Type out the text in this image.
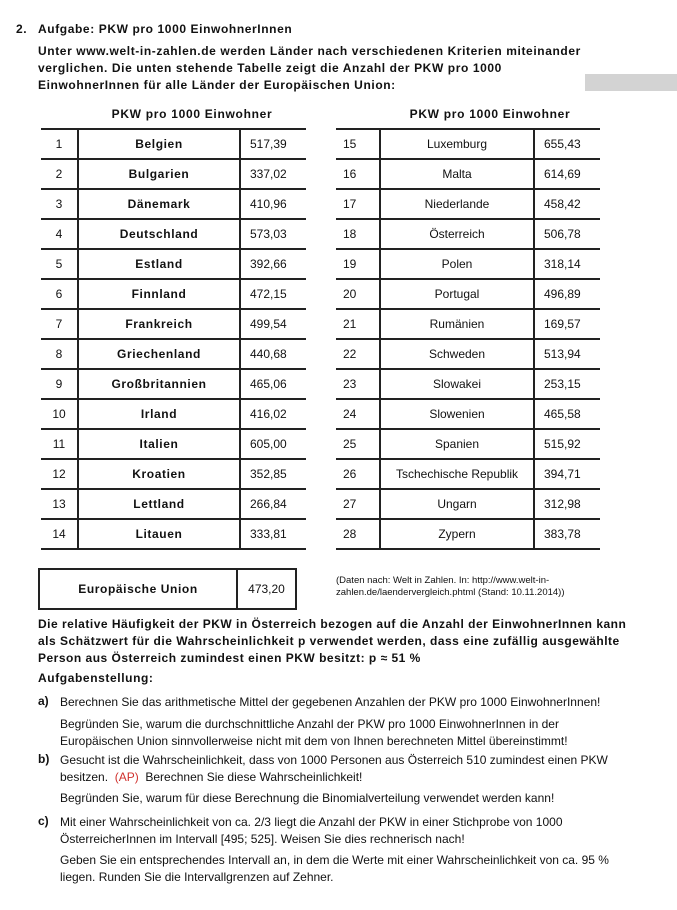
2. Aufgabe: PKW pro 1000 EinwohnerInnen
Unter www.welt-in-zahlen.de werden Länder nach verschiedenen Kriterien miteinander
verglichen. Die unten stehende Tabelle zeigt die Anzahl der PKW pro 1000
EinwohnerInnen für alle Länder der Europäischen Union:
	PKW pro 1000 Einwohner	
1	Belgien	517,39
2	Bulgarien	337,02
3	Dänemark	410,96
4	Deutschland	573,03
5	Estland	392,66
6	Finnland	472,15
7	Frankreich	499,54
8	Griechenland	440,68
9	Großbritannien	465,06
10	Irland	416,02
11	Italien	605,00
12	Kroatien	352,85
13	Lettland	266,84
14	Litauen	333,81
	PKW pro 1000 Einwohner	
15	Luxemburg	655,43
16	Malta	614,69
17	Niederlande	458,42
18	Österreich	506,78
19	Polen	318,14
20	Portugal	496,89
21	Rumänien	169,57
22	Schweden	513,94
23	Slowakei	253,15
24	Slowenien	465,58
25	Spanien	515,92
26	Tschechische Republik	394,71
27	Ungarn	312,98
28	Zypern	383,78
Europäische Union	473,20
(Daten nach: Welt in Zahlen. In: http://www.welt-in-
zahlen.de/laendervergleich.phtml (Stand: 10.11.2014))
Die relative Häufigkeit der PKW in Österreich bezogen auf die Anzahl der EinwohnerInnen kann
als Schätzwert für die Wahrscheinlichkeit p verwendet werden, dass eine zufällig ausgewählte
Person aus Österreich zumindest einen PKW besitzt: p ≈ 51 %
Aufgabenstellung:
a) Berechnen Sie das arithmetische Mittel der gegebenen Anzahlen der PKW pro 1000 EinwohnerInnen!
Begründen Sie, warum die durchschnittliche Anzahl der PKW pro 1000 EinwohnerInnen in der
Europäischen Union sinnvollerweise nicht mit dem von Ihnen berechneten Mittel übereinstimmt!
b) Gesucht ist die Wahrscheinlichkeit, dass von 1000 Personen aus Österreich 510 zumindest einen PKW
besitzen. (AP) Berechnen Sie diese Wahrscheinlichkeit!
Begründen Sie, warum für diese Berechnung die Binomialverteilung verwendet werden kann!
c) Mit einer Wahrscheinlichkeit von ca. 2/3 liegt die Anzahl der PKW in einer Stichprobe von 1000
ÖsterreicherInnen im Intervall [495; 525]. Weisen Sie dies rechnerisch nach!
Geben Sie ein entsprechendes Intervall an, in dem die Werte mit einer Wahrscheinlichkeit von ca. 95 %
liegen. Runden Sie die Intervallgrenzen auf Zehner.
